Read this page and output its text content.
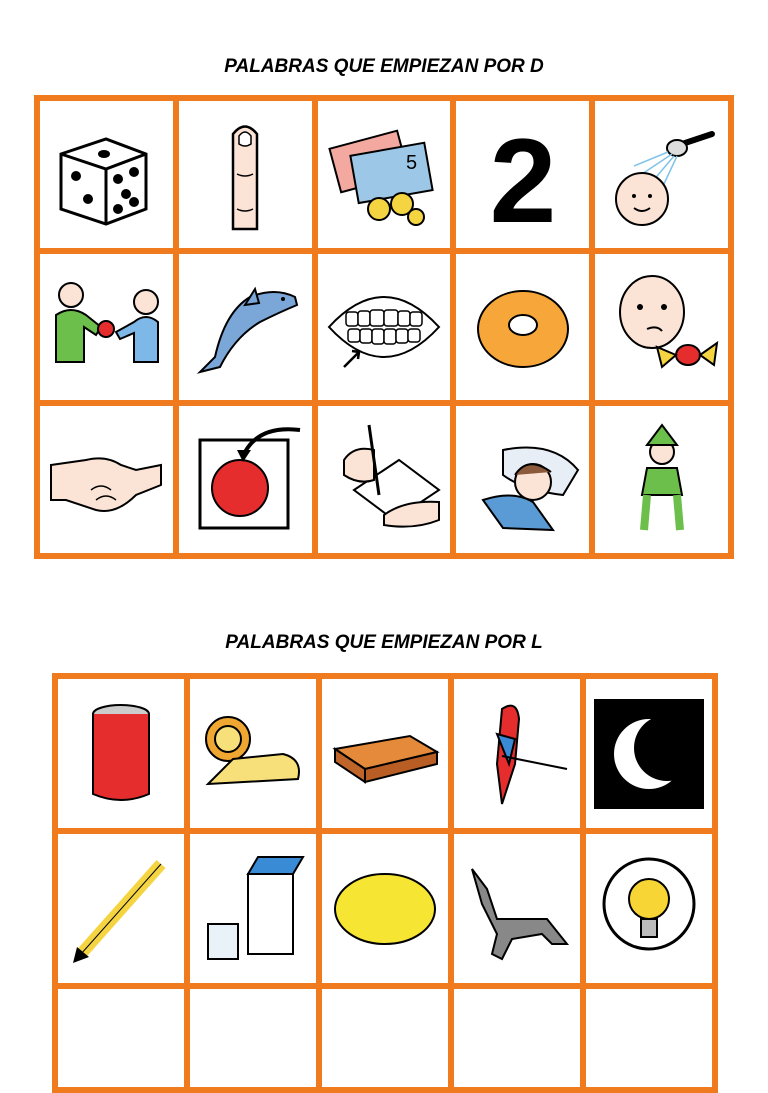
PALABRAS QUE EMPIEZAN POR D
5 2
PALABRAS QUE EMPIEZAN POR L
